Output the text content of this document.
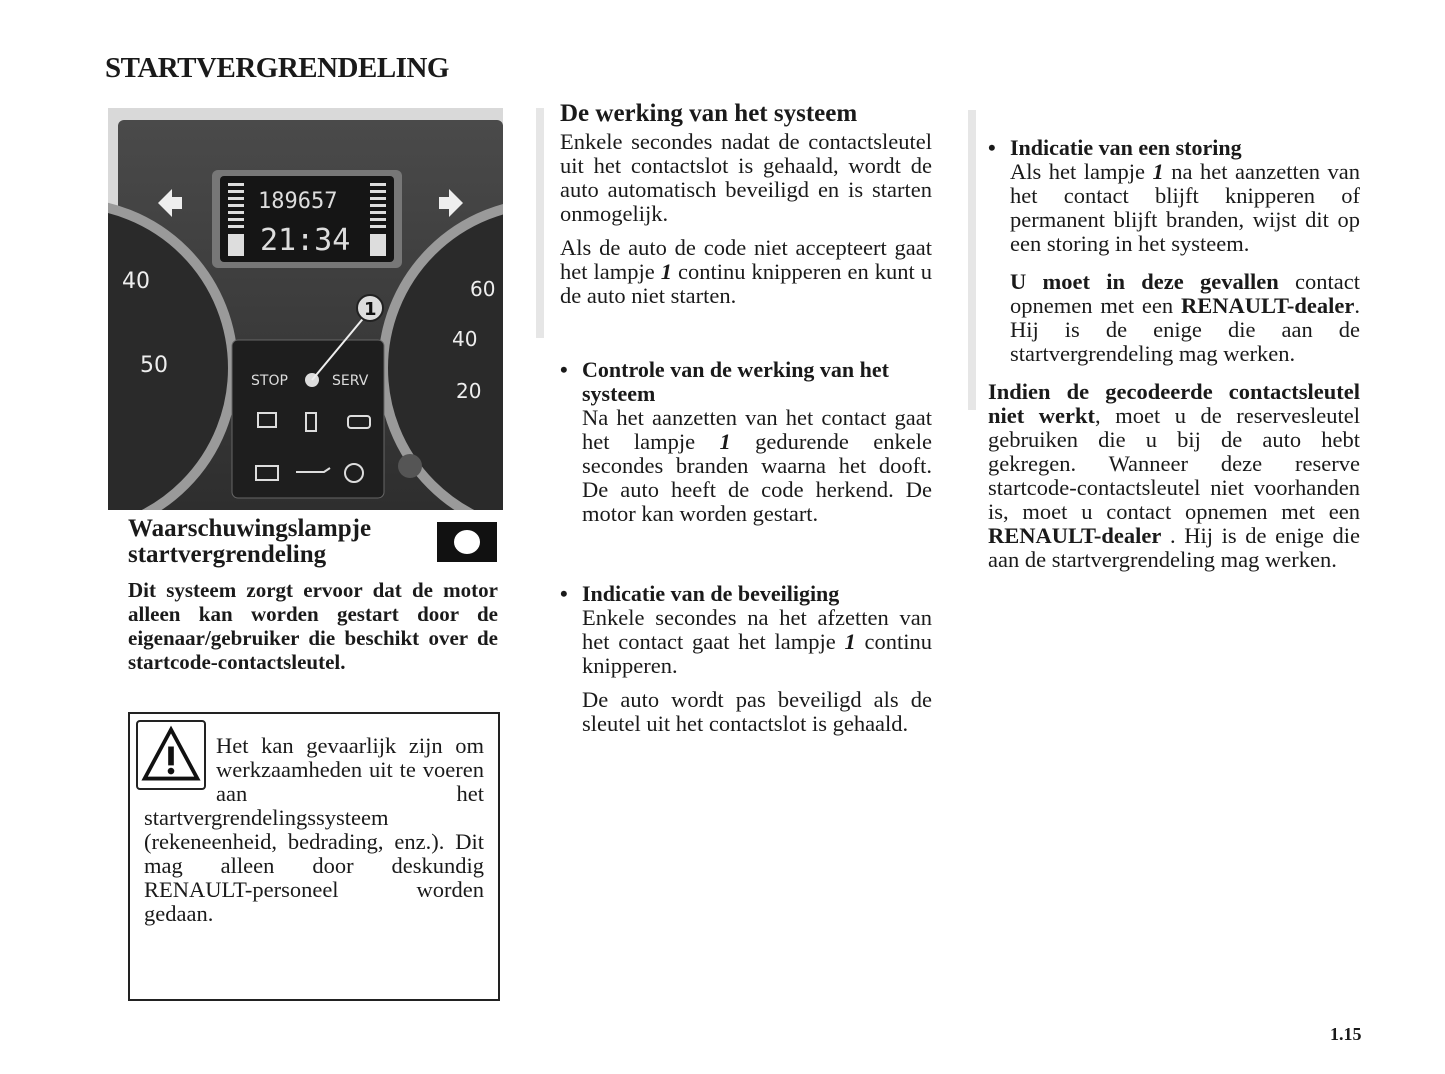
STARTVERGRENDELING
40
50
60
40
20
189657
21:34
STOP	SERV
1
Waarschuwingslampje startvergrendeling
Dit systeem zorgt ervoor dat de motor alleen kan worden gestart door de eigenaar/gebruiker die beschikt over de startcode-contactsleutel.

Het kan gevaarlijk zijn om werkzaamheden uit te voeren aan het startvergrendelingssysteem (rekeneenheid, bedrading, enz.). Dit mag alleen door deskundig RENAULT-personeel worden gedaan.

De werking van het systeem

Enkele secondes nadat de contactsleutel uit het contactslot is gehaald, wordt de auto automatisch beveiligd en is starten onmogelijk.

Als de auto de code niet accepteert gaat het lampje 1 continu knipperen en kunt u de auto niet starten.

• Controle van de werking van het systeem

Na het aanzetten van het contact gaat het lampje 1 gedurende enkele secondes branden waarna het dooft. De auto heeft de code herkend. De motor kan worden gestart.

• Indicatie van de beveiliging

Enkele secondes na het afzetten van het contact gaat het lampje 1 continu knipperen.

De auto wordt pas beveiligd als de sleutel uit het contactslot is gehaald.

• Indicatie van een storing

Als het lampje 1 na het aanzetten van het contact blijft knipperen of permanent blijft branden, wijst dit op een storing in het systeem.

U moet in deze gevallen contact opnemen met een RENAULT-dealer. Hij is de enige die aan de startvergrendeling mag werken.

Indien de gecodeerde contactsleutel niet werkt, moet u de reservesleutel gebruiken die u bij de auto hebt gekregen. Wanneer deze reserve startcode-contactsleutel niet voorhanden is, moet u contact opnemen met een RENAULT-dealer . Hij is de enige die aan de startvergrendeling mag werken.

1.15
